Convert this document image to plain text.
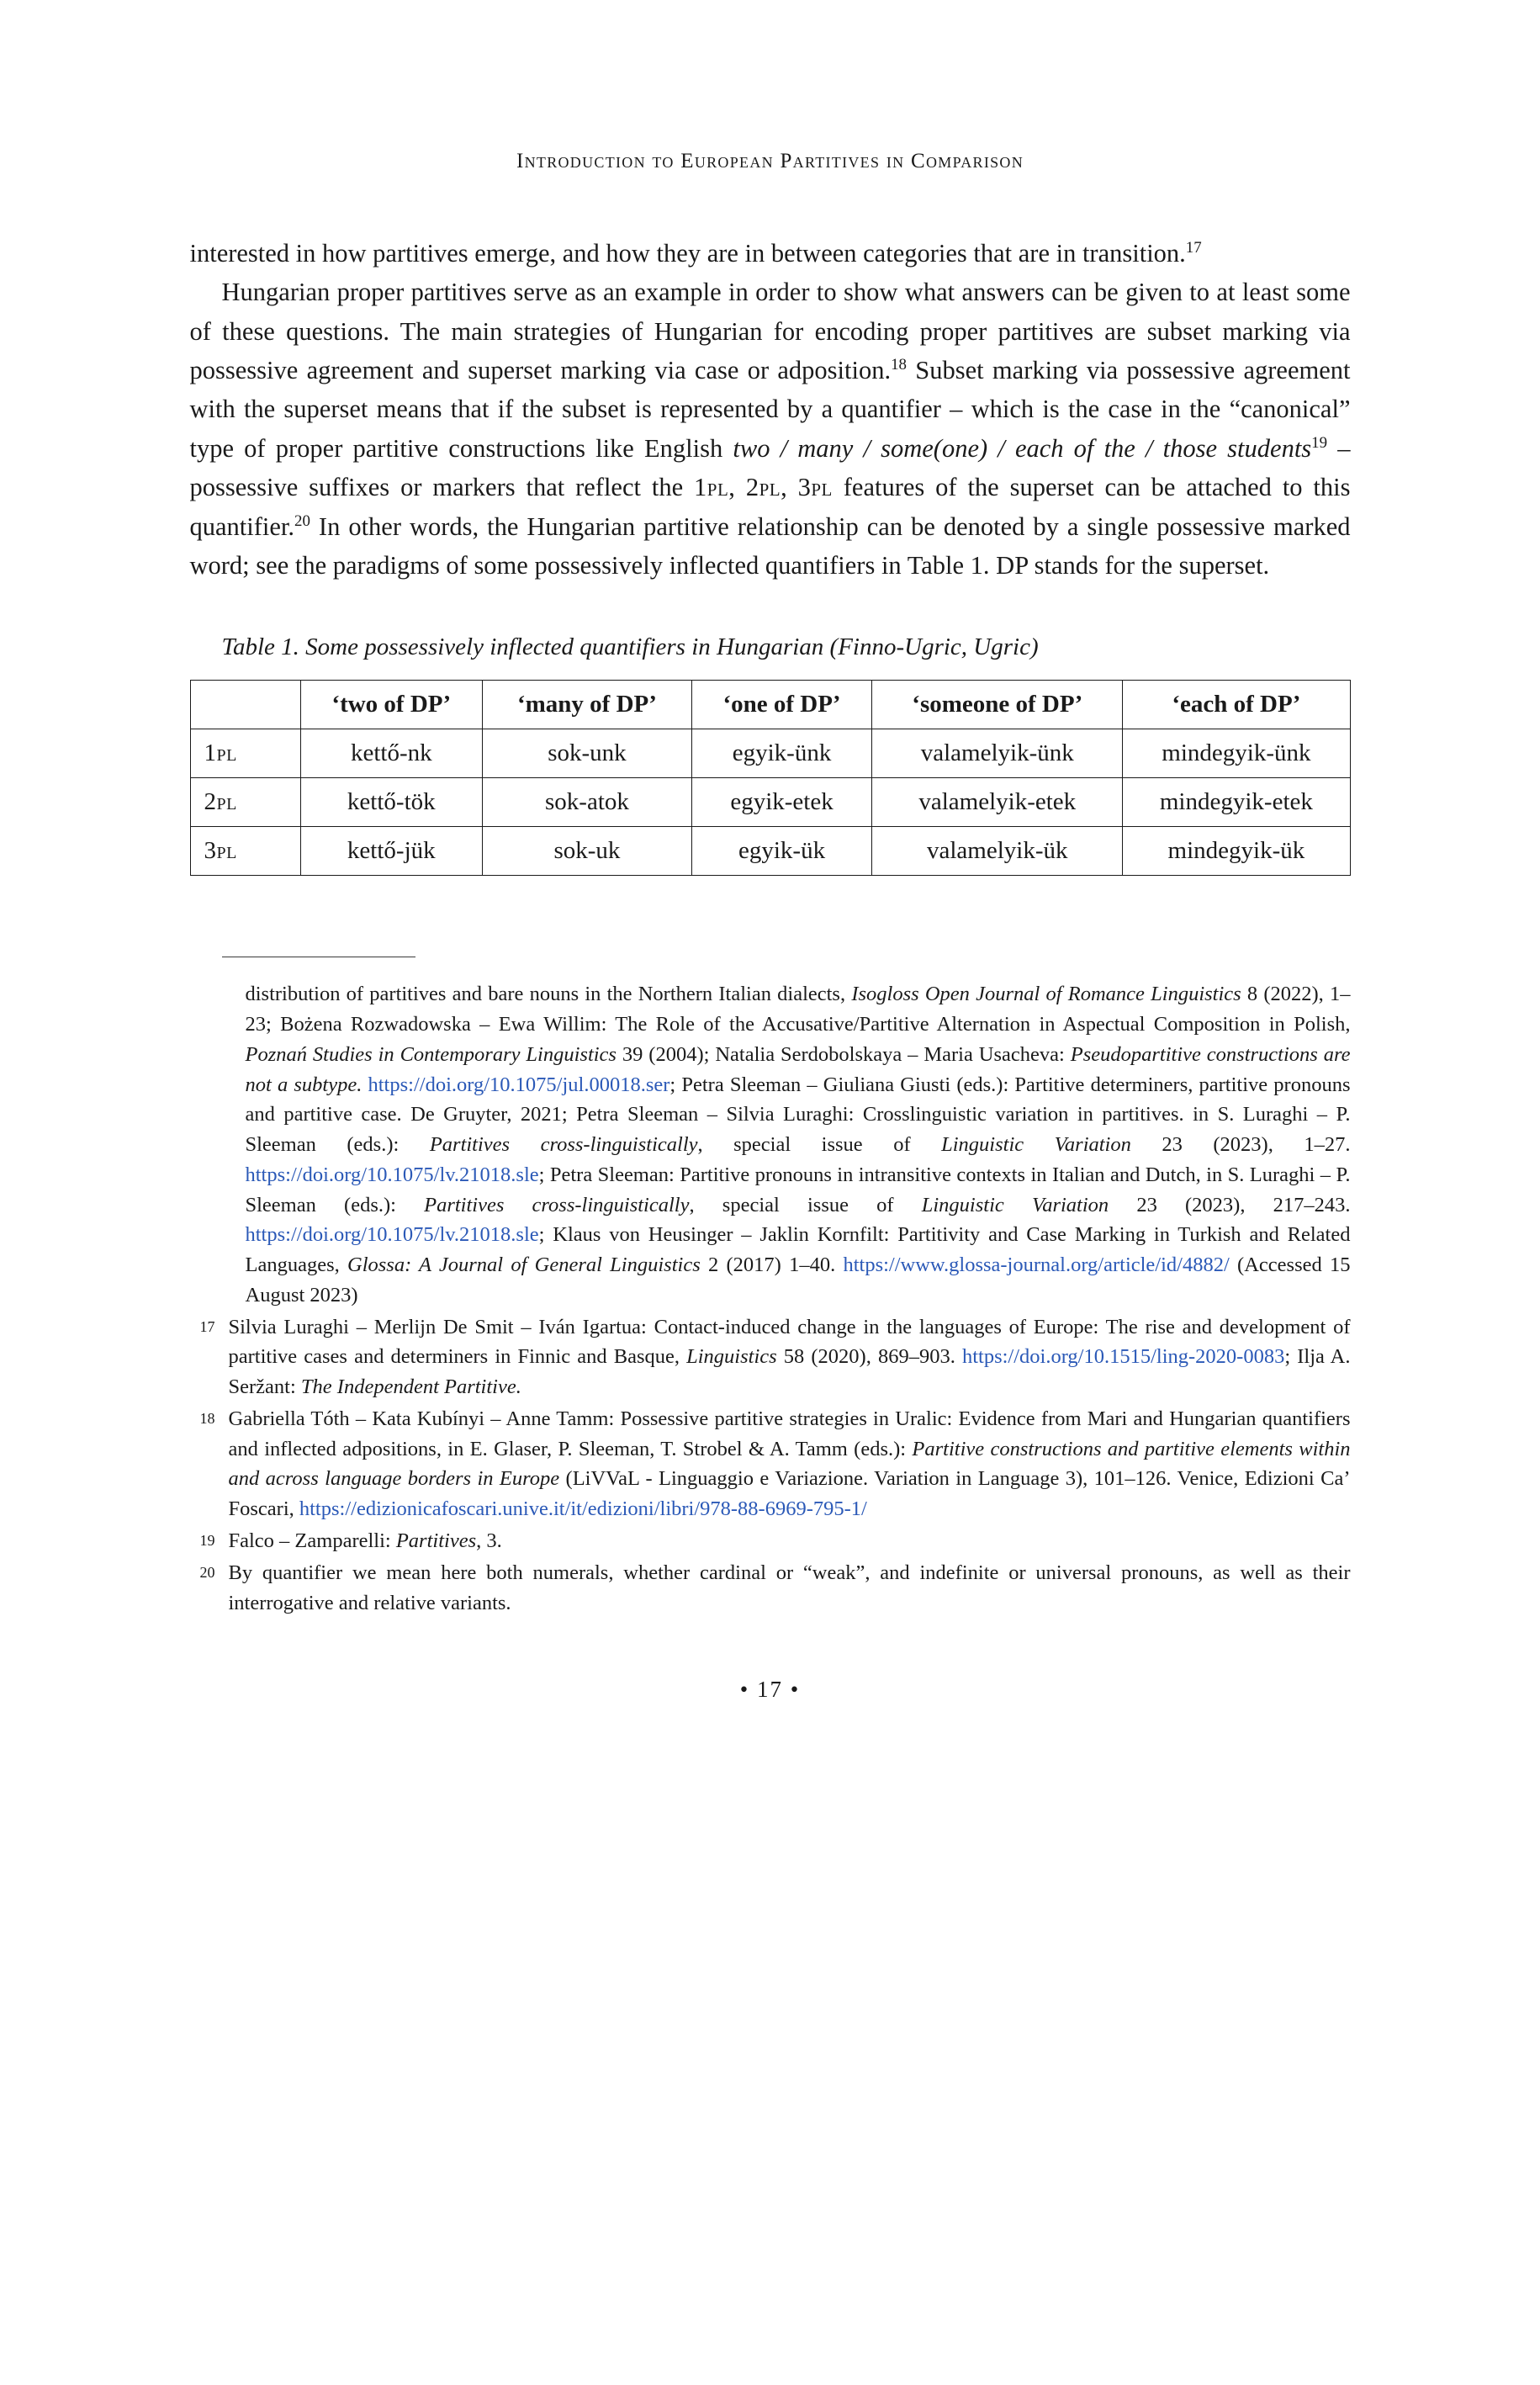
Introduction to European Partitives in Comparison

interested in how partitives emerge, and how they are in between categories that are in transition.$^{17}$

Hungarian proper partitives serve as an example in order to show what answers can be given to at least some of these questions. The main strategies of Hungarian for encoding proper partitives are subset marking via possessive agreement and superset marking via case or adposition.$^{18}$ Subset marking via possessive agreement with the superset means that if the subset is represented by a quantifier – which is the case in the “canonical” type of proper partitive constructions like English two / many / some(one) / each of the / those students$^{19}$ – possessive suffixes or markers that reflect the 1pl, 2pl, 3pl features of the superset can be attached to this quantifier.$^{20}$ In other words, the Hungarian partitive relationship can be denoted by a single possessive marked word; see the paradigms of some possessively inflected quantifiers in Table 1. DP stands for the superset.

Table 1. Some possessively inflected quantifiers in Hungarian (Finno-Ugric, Ugric)
	‘two of DP’	‘many of DP’	‘one of DP’	‘someone of DP’	‘each of DP’
1pl	kettő-nk	sok-unk	egyik-ünk	valamelyik-ünk	mindegyik-ünk
2pl	kettő-tök	sok-atok	egyik-etek	valamelyik-etek	mindegyik-etek
3pl	kettő-jük	sok-uk	egyik-ük	valamelyik-ük	mindegyik-ük
distribution of partitives and bare nouns in the Northern Italian dialects, Isogloss Open Journal of Romance Linguistics 8 (2022), 1–23; Bożena Rozwadowska – Ewa Willim: The Role of the Accusative/Partitive Alternation in Aspectual Composition in Polish, Poznań Studies in Contemporary Linguistics 39 (2004); Natalia Serdobolskaya – Maria Usacheva: Pseudopartitive constructions are not a subtype. https://doi.org/10.1075/jul.00018.ser; Petra Sleeman – Giuliana Giusti (eds.): Partitive determiners, partitive pronouns and partitive case. De Gruyter, 2021; Petra Sleeman – Silvia Luraghi: Crosslinguistic variation in partitives. in S. Luraghi – P. Sleeman (eds.): Partitives cross-linguistically, special issue of Linguistic Variation 23 (2023), 1–27. https://doi.org/10.1075/lv.21018.sle; Petra Sleeman: Partitive pronouns in intransitive contexts in Italian and Dutch, in S. Luraghi – P. Sleeman (eds.): Partitives cross-linguistically, special issue of Linguistic Variation 23 (2023), 217–243. https://doi.org/10.1075/lv.21018.sle; Klaus von Heusinger – Jaklin Kornfilt: Partitivity and Case Marking in Turkish and Related Languages, Glossa: A Journal of General Linguistics 2 (2017) 1–40. https://www.glossa-journal.org/article/id/4882/ (Accessed 15 August 2023)
17 Silvia Luraghi – Merlijn De Smit – Iván Igartua: Contact-induced change in the languages of Europe: The rise and development of partitive cases and determiners in Finnic and Basque, Linguistics 58 (2020), 869–903. https://doi.org/10.1515/ling-2020-0083; Ilja A. Seržant: The Independent Partitive.
18 Gabriella Tóth – Kata Kubínyi – Anne Tamm: Possessive partitive strategies in Uralic: Evidence from Mari and Hungarian quantifiers and inflected adpositions, in E. Glaser, P. Sleeman, T. Strobel & A. Tamm (eds.): Partitive constructions and partitive elements within and across language borders in Europe (LiVVaL - Linguaggio e Variazione. Variation in Language 3), 101–126. Venice, Edizioni Ca’ Foscari, https://edizionicafoscari.unive.it/it/edizioni/libri/978-88-6969-795-1/
19 Falco – Zamparelli: Partitives, 3.
20 By quantifier we mean here both numerals, whether cardinal or “weak”, and indefinite or universal pronouns, as well as their interrogative and relative variants.
• 17 •
